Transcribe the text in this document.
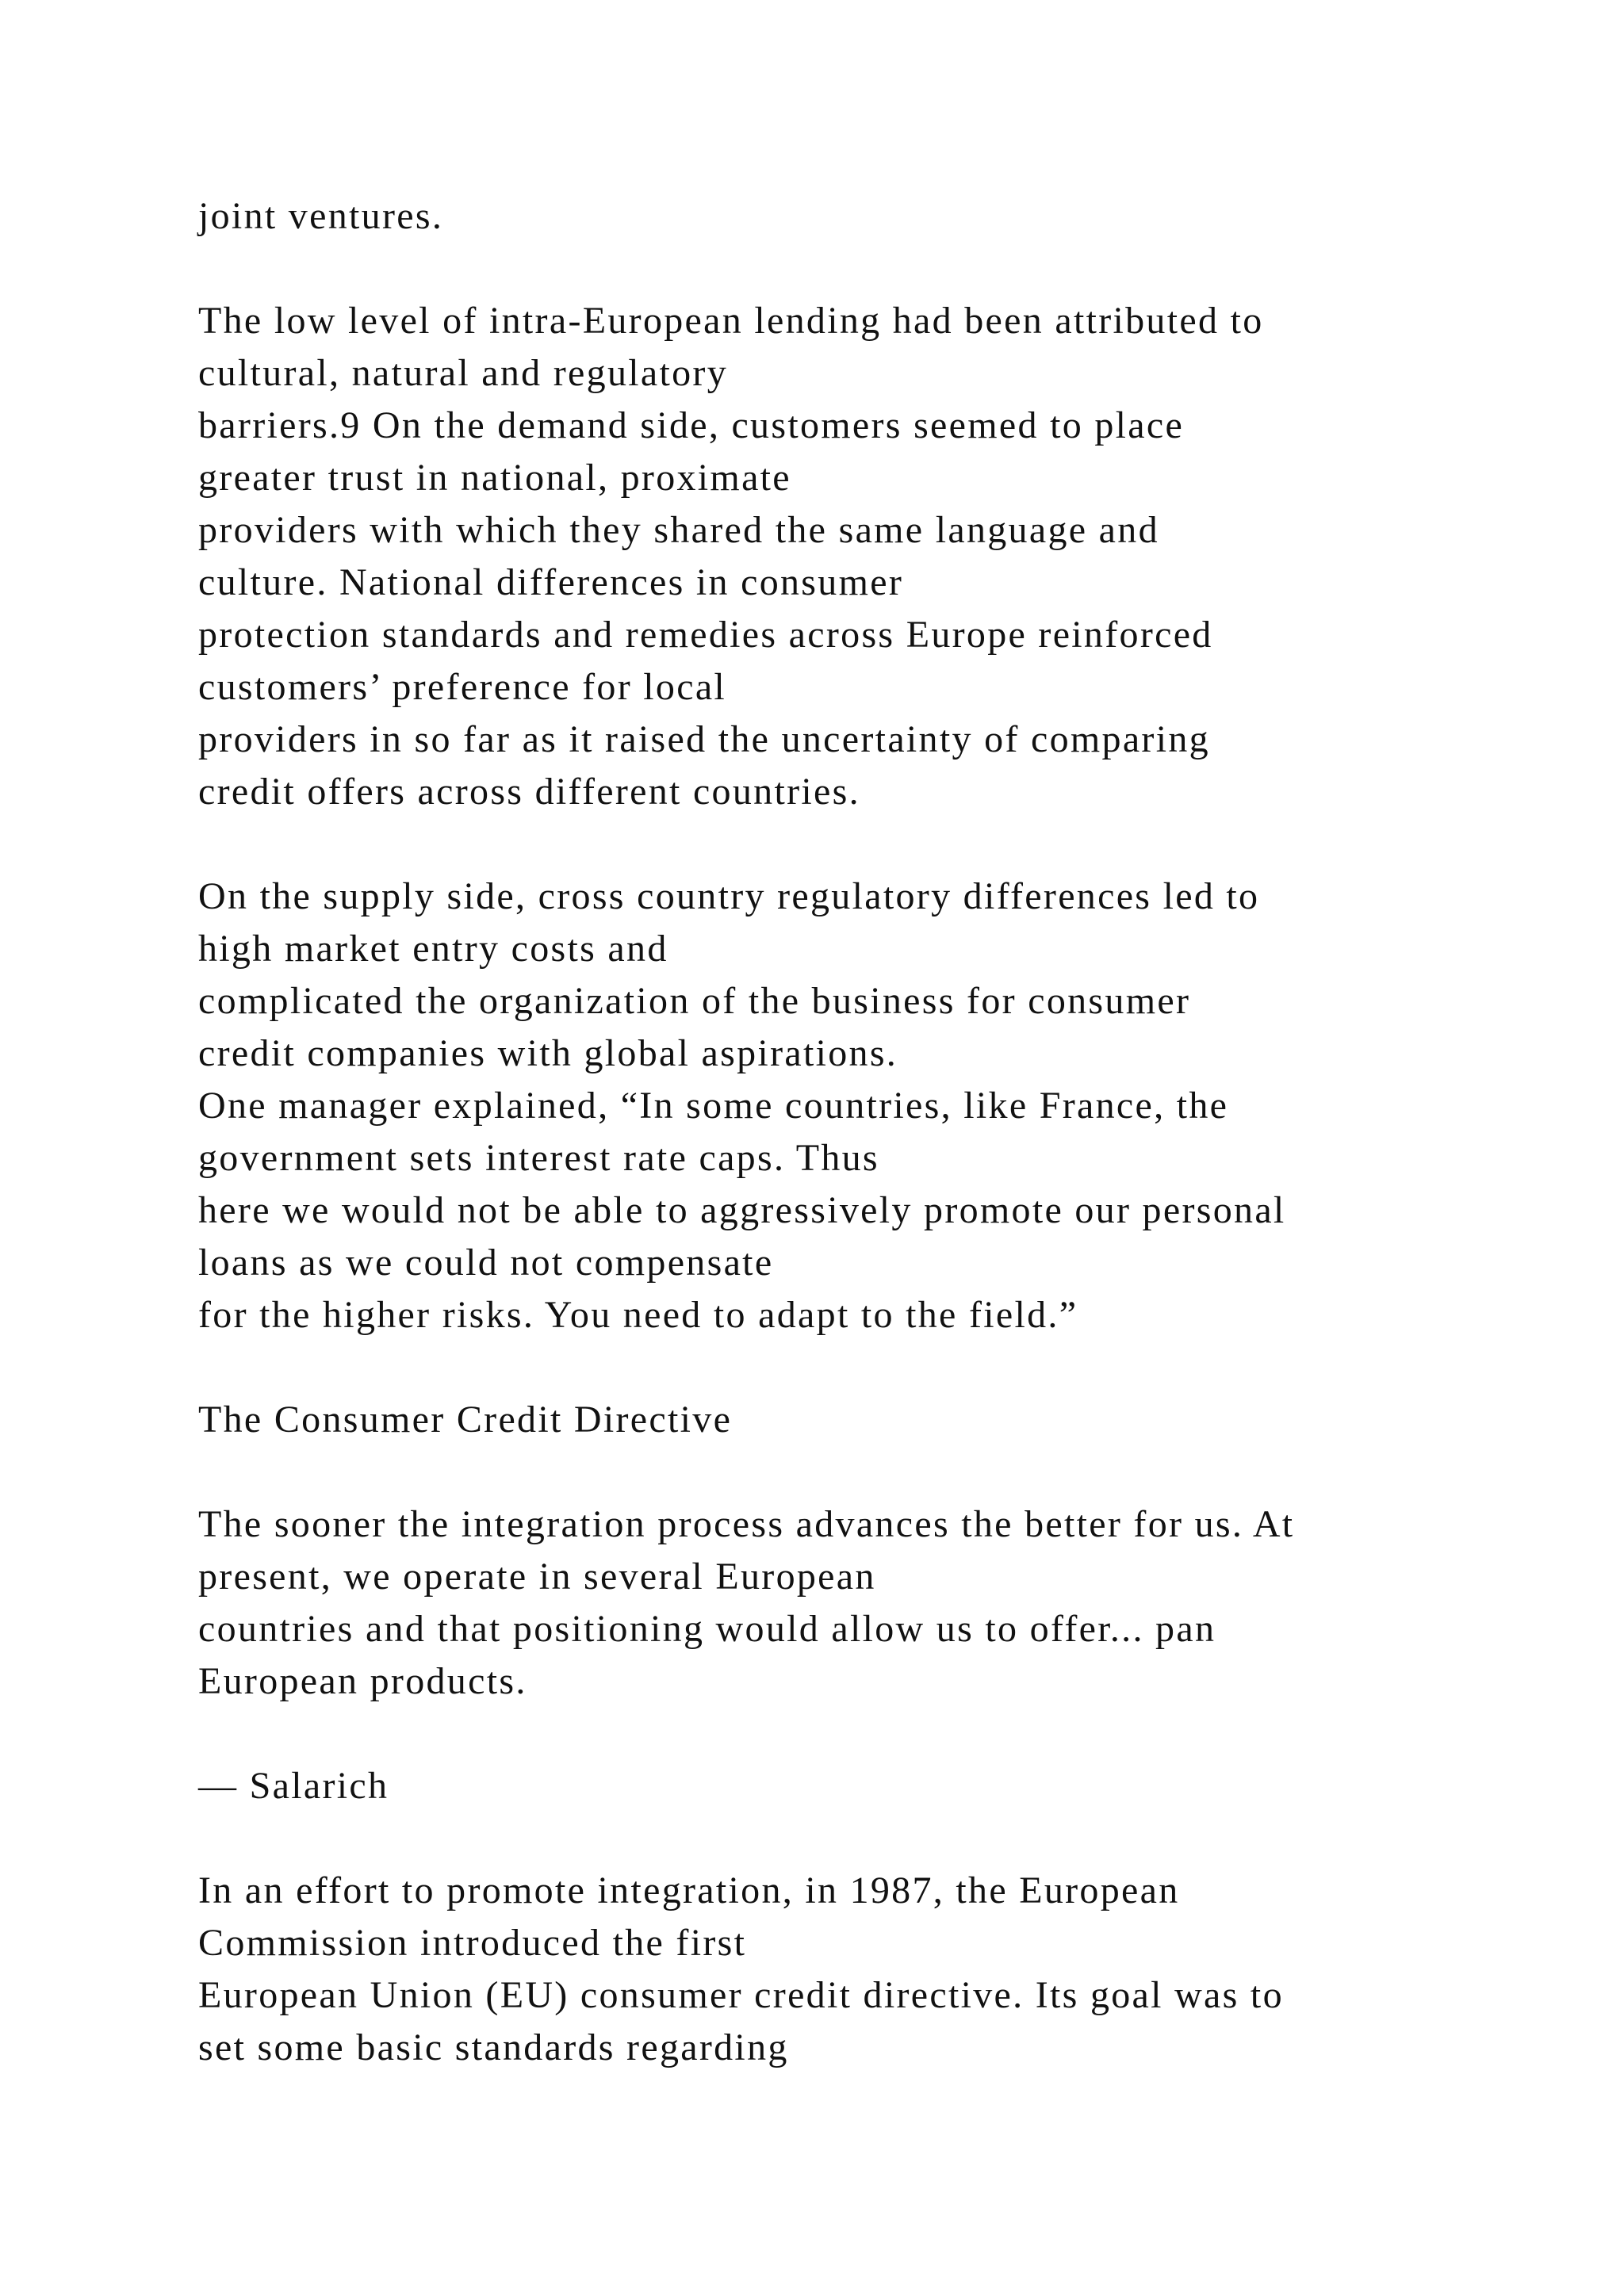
joint ventures.
The low level of intra-European lending had been attributed to
cultural, natural and regulatory
barriers.9 On the demand side, customers seemed to place
greater trust in national, proximate
providers with which they shared the same language and
culture. National differences in consumer
protection standards and remedies across Europe reinforced
customers’ preference for local
providers in so far as it raised the uncertainty of comparing
credit offers across different countries.
On the supply side, cross country regulatory differences led to
high market entry costs and
complicated the organization of the business for consumer
credit companies with global aspirations.
One manager explained, “In some countries, like France, the
government sets interest rate caps. Thus
here we would not be able to aggressively promote our personal
loans as we could not compensate
for the higher risks. You need to adapt to the field.”
The Consumer Credit Directive
The sooner the integration process advances the better for us. At
present, we operate in several European
countries and that positioning would allow us to offer... pan
European products.
— Salarich
In an effort to promote integration, in 1987, the European
Commission introduced the first
European Union (EU) consumer credit directive. Its goal was to
set some basic standards regarding
